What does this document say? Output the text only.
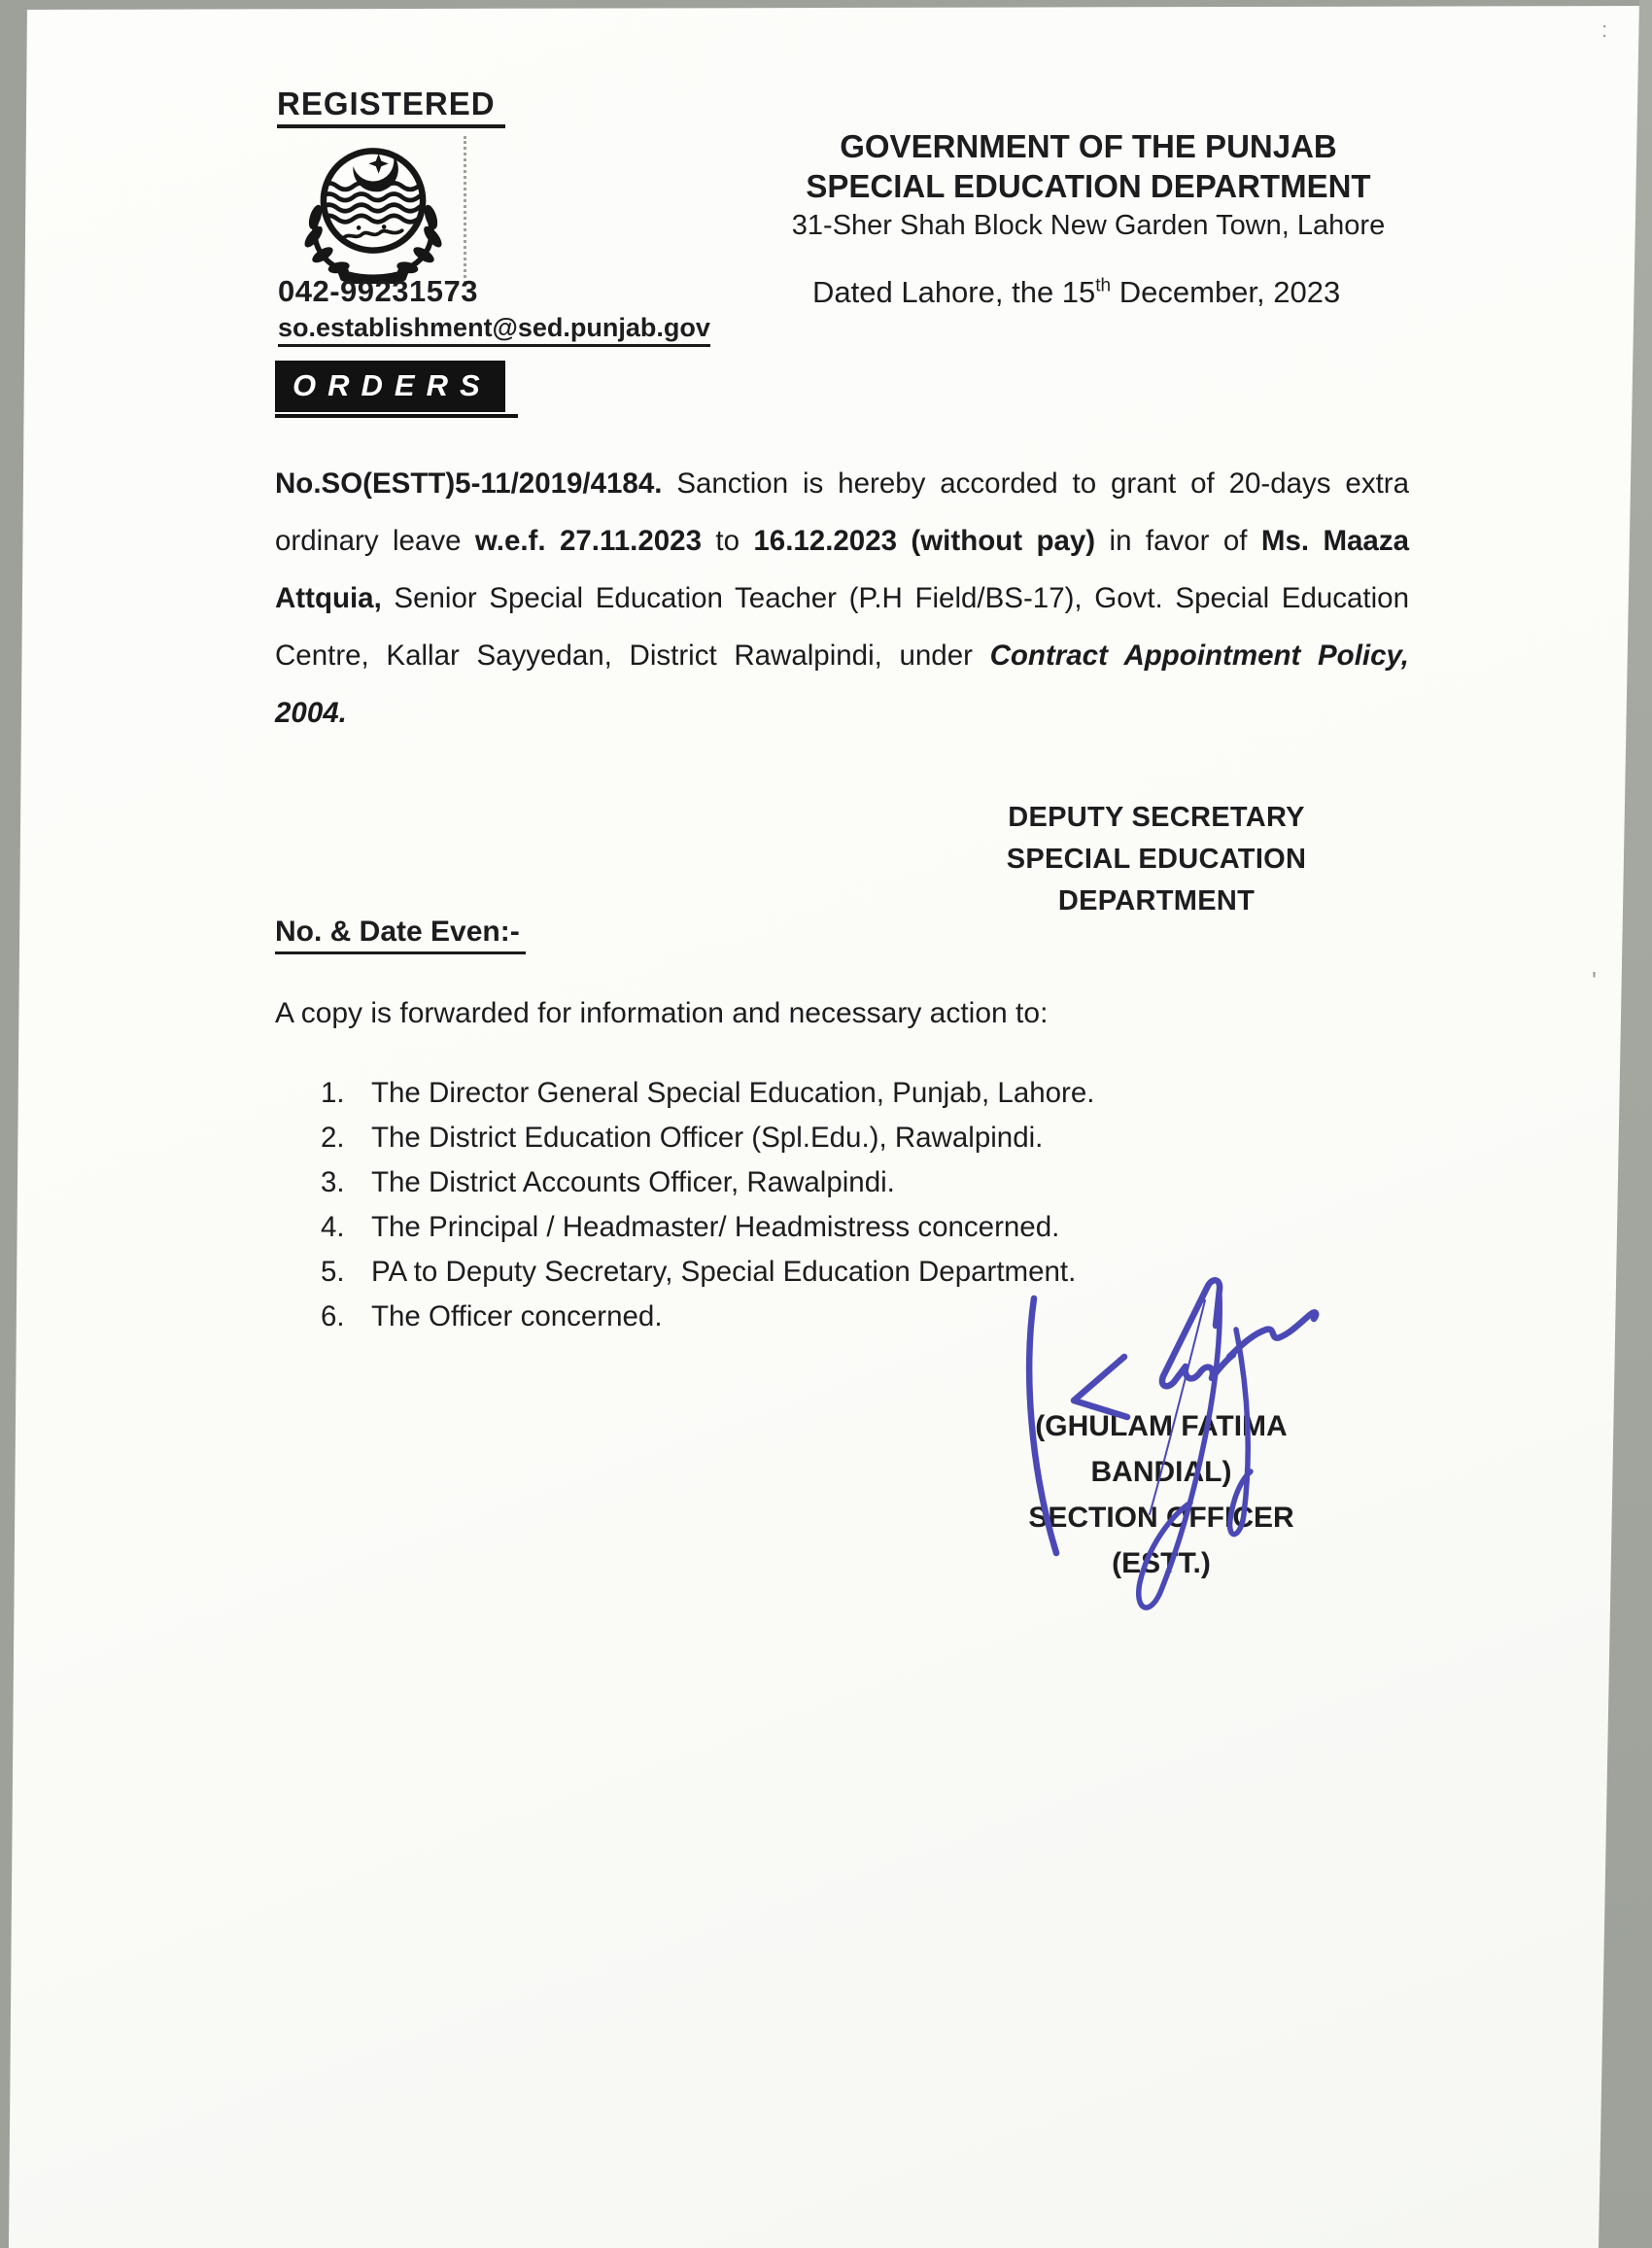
:
'
REGISTERED
042-99231573
so.establishment@sed.punjab.gov
GOVERNMENT OF THE PUNJAB
SPECIAL EDUCATION DEPARTMENT
31-Sher Shah Block New Garden Town, Lahore
Dated Lahore, the 15th December, 2023
ORDERS
No.SO(ESTT)5-11/2019/4184. Sanction is hereby accorded to grant of 20-days extra ordinary leave w.e.f. 27.11.2023 to 16.12.2023 (without pay) in favor of Ms. Maaza Attquia, Senior Special Education Teacher (P.H Field/BS-17), Govt. Special Education Centre, Kallar Sayyedan, District Rawalpindi, under Contract Appointment Policy, 2004.
DEPUTY SECRETARY
SPECIAL EDUCATION
DEPARTMENT
No. & Date Even:-
A copy is forwarded for information and necessary action to:
1. The Director General Special Education, Punjab, Lahore.
2. The District Education Officer (Spl.Edu.), Rawalpindi.
3. The District Accounts Officer, Rawalpindi.
4. The Principal / Headmaster/ Headmistress concerned.
5. PA to Deputy Secretary, Special Education Department.
6. The Officer concerned.
(GHULAM FATIMA BANDIAL)
SECTION OFFICER (ESTT.)
